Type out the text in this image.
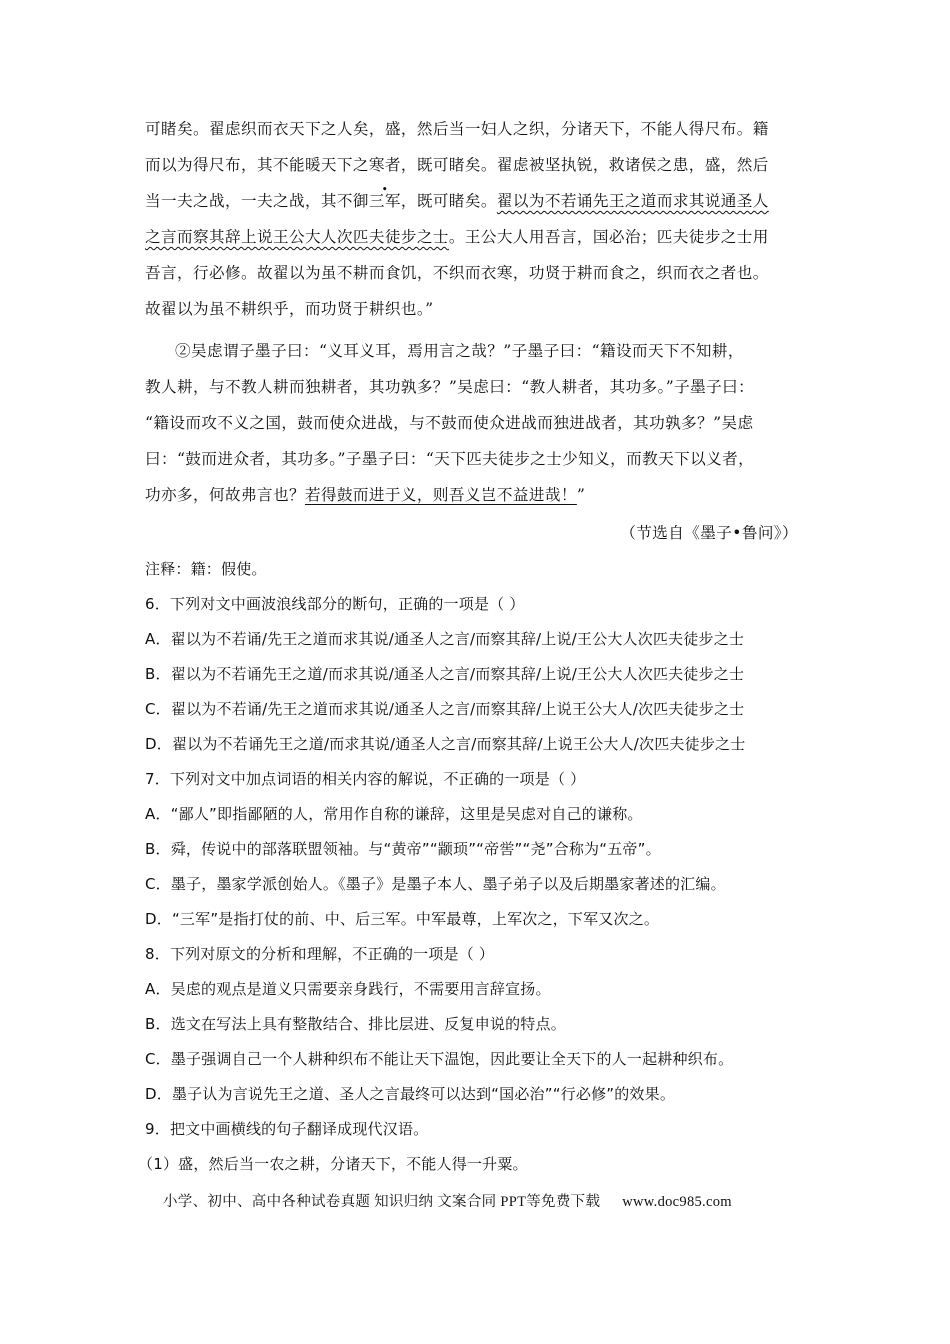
可睹矣。翟虑织而衣天下之人矣，盛，然后当一妇人之织，分诸天下，不能人得尺布。籍
而以为得尺布，其不能暖天下之寒者，既可睹矣。翟虑被坚执锐，救诸侯之患，盛，然后
当一夫之战，一夫之战，其不御三军，既可睹矣。翟以为不若诵先王之道而求其说通圣人
之言而察其辞上说王公大人次匹夫徒步之士。王公大人用吾言，国必治；匹夫徒步之士用
吾言，行必修。故翟以为虽不耕而食饥，不织而衣寒，功贤于耕而食之，织而衣之者也。
故翟以为虽不耕织乎，而功贤于耕织也。”
②吴虑谓子墨子曰：“义耳义耳，焉用言之哉？”子墨子曰：“籍设而天下不知耕，
教人耕，与不教人耕而独耕者，其功孰多？”吴虑曰：“教人耕者，其功多。”子墨子曰：
“籍设而攻不义之国，鼓而使众进战，与不鼓而使众进战而独进战者，其功孰多？”吴虑
曰：“鼓而进众者，其功多。”子墨子曰：“天下匹夫徒步之士少知义，而教天下以义者，
功亦多，何故弗言也？若得鼓而进于义，则吾义岂不益进哉！”
（节选自《墨子•鲁问》）
注释：籍：假使。
6．下列对文中画波浪线部分的断句，正确的一项是（ ）
A．翟以为不若诵/先王之道而求其说/通圣人之言/而察其辞/上说/王公大人次匹夫徒步之士
B．翟以为不若诵先王之道/而求其说/通圣人之言/而察其辞/上说/王公大人次匹夫徒步之士
C．翟以为不若诵/先王之道而求其说/通圣人之言/而察其辞/上说王公大人/次匹夫徒步之士
D．翟以为不若诵先王之道/而求其说/通圣人之言/而察其辞/上说王公大人/次匹夫徒步之士
7．下列对文中加点词语的相关内容的解说，不正确的一项是（ ）
A．“鄙人”即指鄙陋的人，常用作自称的谦辞，这里是吴虑对自己的谦称。
B．舜，传说中的部落联盟领袖。与“黄帝”“颛顼”“帝喾”“尧”合称为“五帝”。
C．墨子，墨家学派创始人。《墨子》是墨子本人、墨子弟子以及后期墨家著述的汇编。
D．“三军”是指打仗的前、中、后三军。中军最尊，上军次之，下军又次之。
8．下列对原文的分析和理解，不正确的一项是（ ）
A．吴虑的观点是道义只需要亲身践行，不需要用言辞宣扬。
B．选文在写法上具有整散结合、排比层进、反复申说的特点。
C．墨子强调自己一个人耕种织布不能让天下温饱，因此要让全天下的人一起耕种织布。
D．墨子认为言说先王之道、圣人之言最终可以达到“国必治”“行必修”的效果。
9．把文中画横线的句子翻译成现代汉语。
（1）盛，然后当一农之耕，分诸天下，不能人得一升粟。
小学、初中、高中各种试卷真题 知识归纳 文案合同 PPT等免费下载 www.doc985.com
